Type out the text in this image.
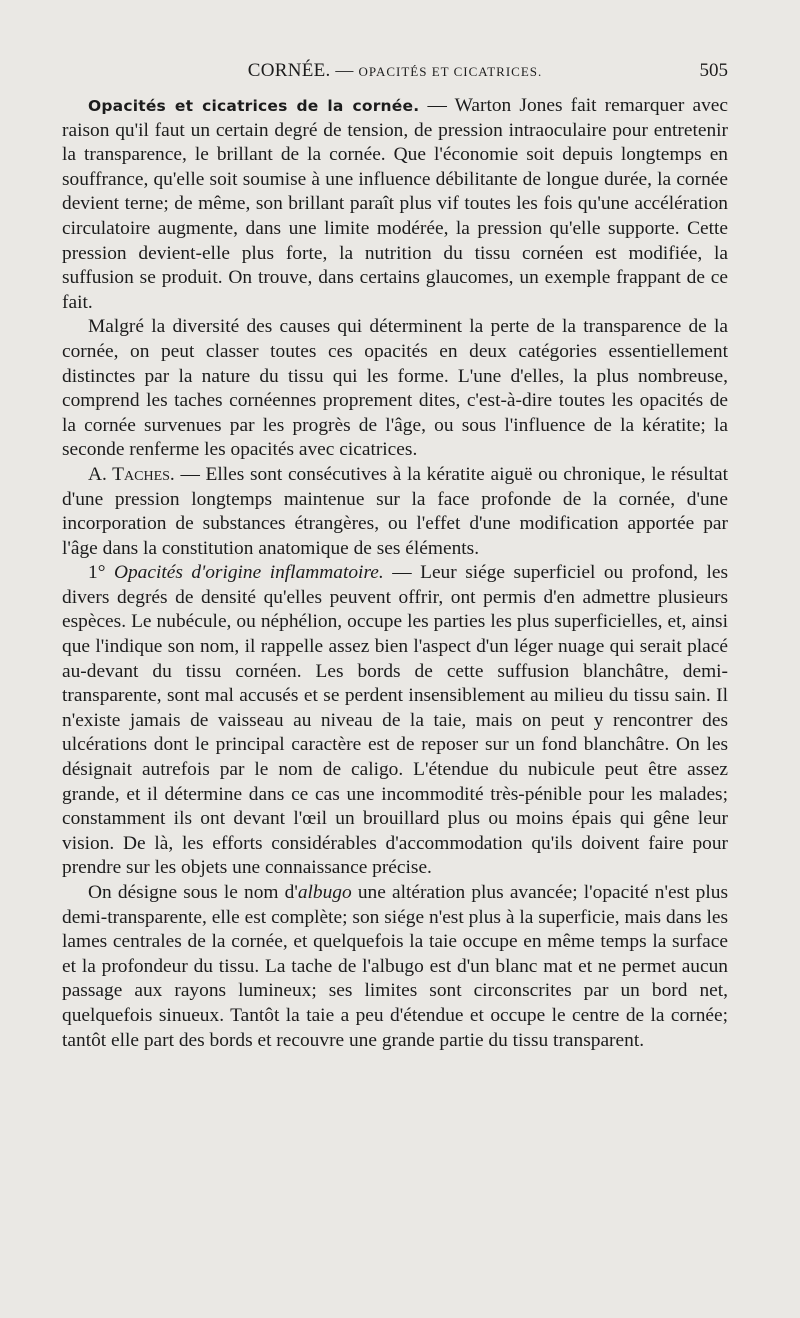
CORNÉE. — OPACITÉS ET CICATRICES.	505

Opacités et cicatrices de la cornée. — Warton Jones fait remarquer avec raison qu'il faut un certain degré de tension, de pression intraoculaire pour entretenir la transparence, le brillant de la cornée. Que l'économie soit depuis longtemps en souffrance, qu'elle soit soumise à une influence débilitante de longue durée, la cornée devient terne; de même, son brillant paraît plus vif toutes les fois qu'une accélération circulatoire augmente, dans une limite modérée, la pression qu'elle supporte. Cette pression devient-elle plus forte, la nutrition du tissu cornéen est modifiée, la suffusion se produit. On trouve, dans certains glaucomes, un exemple frappant de ce fait.

Malgré la diversité des causes qui déterminent la perte de la transparence de la cornée, on peut classer toutes ces opacités en deux catégories essentiellement distinctes par la nature du tissu qui les forme. L'une d'elles, la plus nombreuse, comprend les taches cornéennes proprement dites, c'est-à-dire toutes les opacités de la cornée survenues par les progrès de l'âge, ou sous l'influence de la kératite; la seconde renferme les opacités avec cicatrices.

A. Taches. — Elles sont consécutives à la kératite aiguë ou chronique, le résultat d'une pression longtemps maintenue sur la face profonde de la cornée, d'une incorporation de substances étrangères, ou l'effet d'une modification apportée par l'âge dans la constitution anatomique de ses éléments.

1° Opacités d'origine inflammatoire. — Leur siége superficiel ou profond, les divers degrés de densité qu'elles peuvent offrir, ont permis d'en admettre plusieurs espèces. Le nubécule, ou néphélion, occupe les parties les plus superficielles, et, ainsi que l'indique son nom, il rappelle assez bien l'aspect d'un léger nuage qui serait placé au-devant du tissu cornéen. Les bords de cette suffusion blanchâtre, demi-transparente, sont mal accusés et se perdent insensiblement au milieu du tissu sain. Il n'existe jamais de vaisseau au niveau de la taie, mais on peut y rencontrer des ulcérations dont le principal caractère est de reposer sur un fond blanchâtre. On les désignait autrefois par le nom de caligo. L'étendue du nubicule peut être assez grande, et il détermine dans ce cas une incommodité très-pénible pour les malades; constamment ils ont devant l'œil un brouillard plus ou moins épais qui gêne leur vision. De là, les efforts considérables d'accommodation qu'ils doivent faire pour prendre sur les objets une connaissance précise.

On désigne sous le nom d'albugo une altération plus avancée; l'opacité n'est plus demi-transparente, elle est complète; son siége n'est plus à la superficie, mais dans les lames centrales de la cornée, et quelquefois la taie occupe en même temps la surface et la profondeur du tissu. La tache de l'albugo est d'un blanc mat et ne permet aucun passage aux rayons lumineux; ses limites sont circonscrites par un bord net, quelquefois sinueux. Tantôt la taie a peu d'étendue et occupe le centre de la cornée; tantôt elle part des bords et recouvre une grande partie du tissu transparent.
